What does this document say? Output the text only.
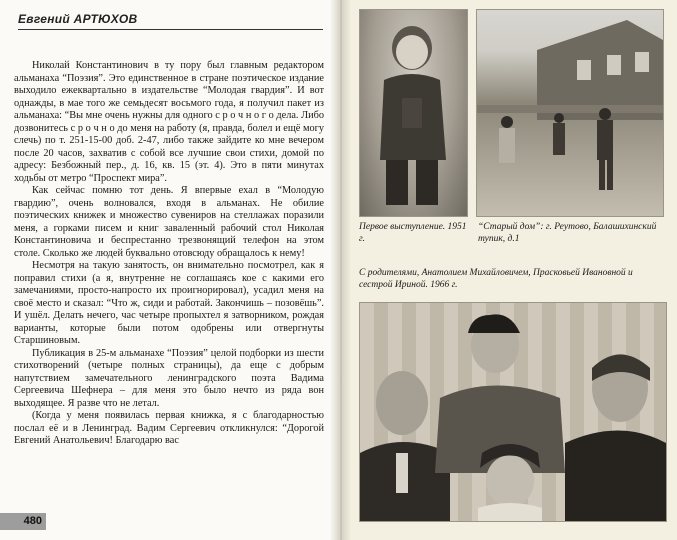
Евгений АРТЮХОВ

Николай Константинович в ту пору был главным редактором альманаха “Поэзия”. Это единственное в стране поэтическое издание выходило ежеквартально в издательстве “Молодая гвардия”. И вот однажды, в мае того же семьдесят восьмого года, я получил пакет из альманаха: “Вы мне очень нужны для одного с р о ч н о г о дела. Либо дозвонитесь с р о ч н о до меня на работу (я, правда, болел и ещё могу слечь) по т. 251-15-00 доб. 2-47, либо также зайдите ко мне вечером после 20 часов, захватив с собой все лучшие свои стихи, домой по адресу: Безбожный пер., д. 16, кв. 15 (эт. 4). Это в пяти минутах ходьбы от метро “Проспект мира”.

Как сейчас помню тот день. Я впервые ехал в “Молодую гвардию”, очень волновался, входя в альманах. Не обилие поэтических книжек и множество сувениров на стеллажах поразили меня, а горками писем и книг заваленный рабочий стол Николая Константиновича и беспрестанно трезвонящий телефон на этом столе. Сколько же людей буквально отовсюду обращалось к нему!

Несмотря на такую занятость, он внимательно посмотрел, как я поправил стихи (а я, внутренне не соглашаясь кое с какими его замечаниями, просто-напросто их проигнорировал), усадил меня на своё место и сказал: “Что ж, сиди и работай. Закончишь – позовёшь”. И ушёл. Делать нечего, час четыре пропыхтел я затворником, рождая варианты, которые были потом одобрены или отвергнуты Старшиновым.

Публикация в 25-м альманахе “Поэзия” целой подборки из шести стихотворений (четыре полных страницы), да еще с добрым напутствием замечательного ленинградского поэта Вадима Сергеевича Шефнера – для меня это было нечто из ряда вон выходящее. Я разве что не летал.

(Когда у меня появилась первая книжка, я с благодарностью послал её и в Ленинград. Вадим Сергеевич откликнулся: “Дорогой Евгений Анатольевич! Благодарю вас

480
Первое выступление. 1951 г.
“Старый дом”: г. Реутово, Балашихинский тупик, д.1
С родителями, Анатолием Михайловичем, Прасковьей Ивановной и сестрой Ириной. 1966 г.
